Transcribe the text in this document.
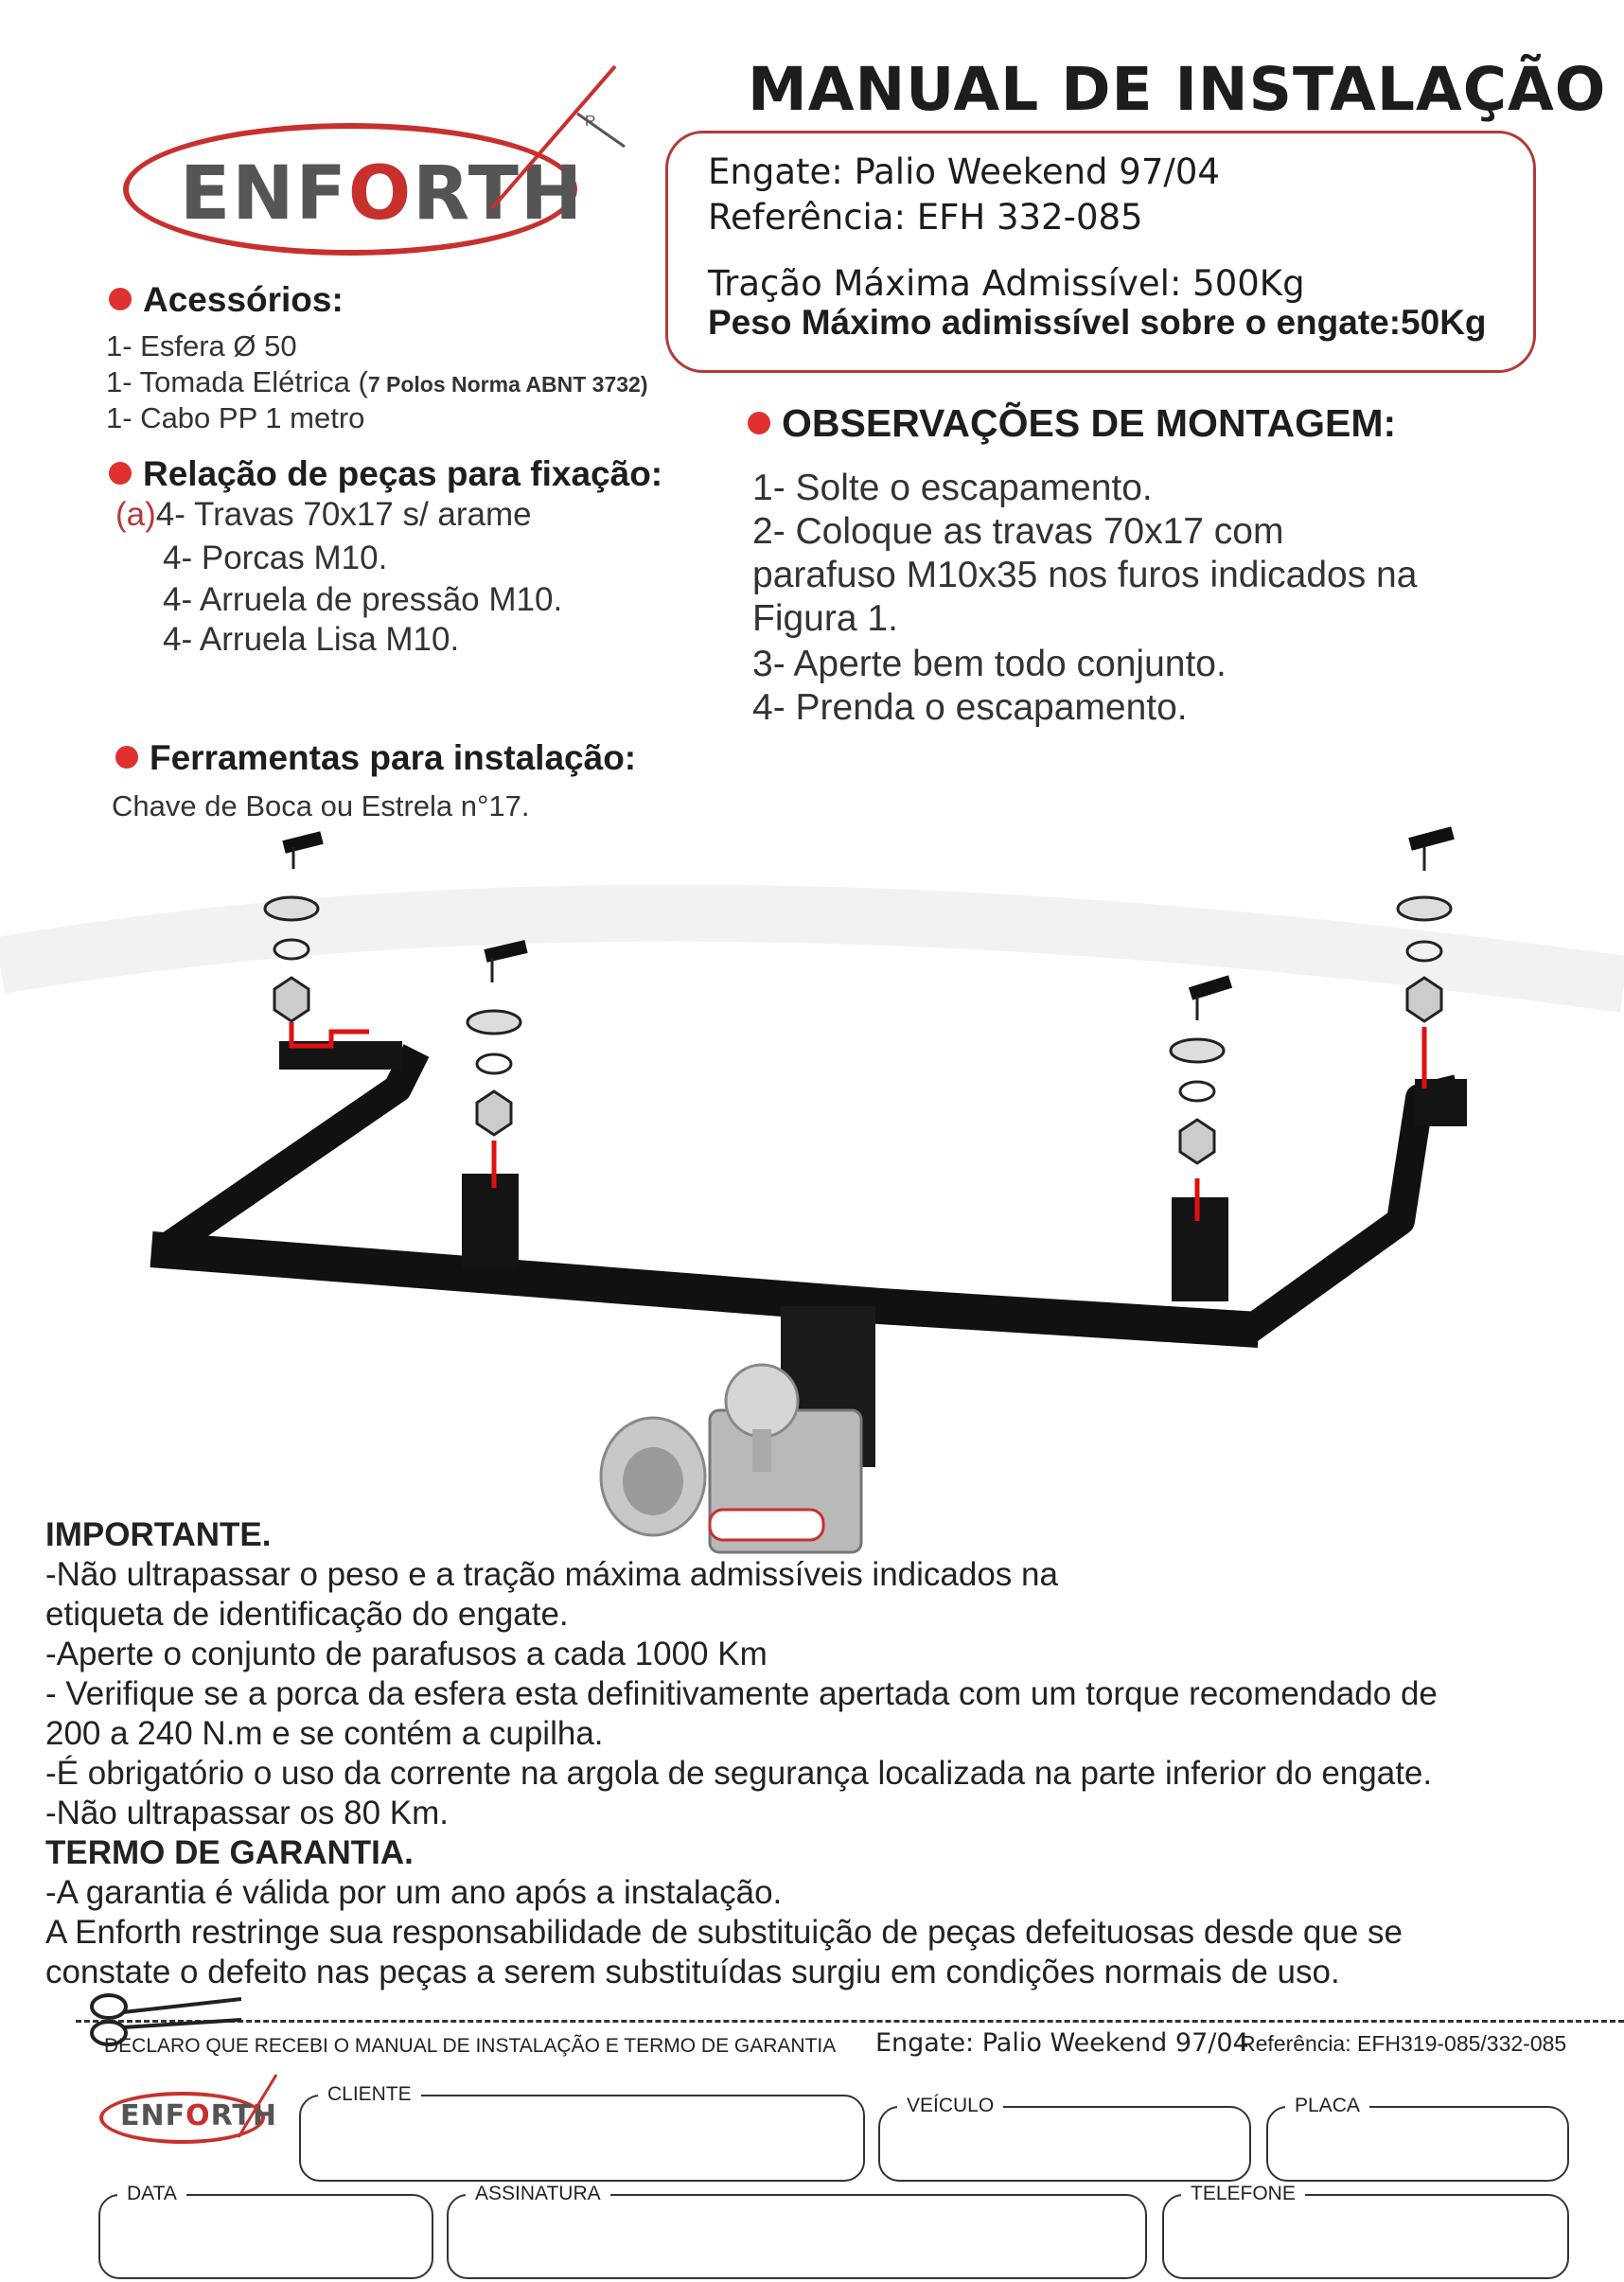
ENFORTH
R	MANUAL DE INSTALAÇÃO
Engate: Palio Weekend 97/04
Referência: EFH 332-085
Tração Máxima Admissível: 500Kg
Peso Máximo adimissível sobre o engate:50Kg
Acessórios:
1- Esfera Ø 50
1- Tomada Elétrica (7 Polos Norma ABNT 3732)
1- Cabo PP 1 metro
Relação de peças para fixação:
(a)4- Travas 70x17 s/ arame
4- Porcas M10.
4- Arruela de pressão M10.
4- Arruela Lisa M10.
Ferramentas para instalação:
Chave de Boca ou Estrela n°17.
OBSERVAÇÕES DE MONTAGEM:
1- Solte o escapamento.
2- Coloque as travas 70x17 com
parafuso M10x35 nos furos indicados na
Figura 1.
3- Aperte bem todo conjunto.
4- Prenda o escapamento.
IMPORTANTE.
-Não ultrapassar o peso e a tração máxima admissíveis indicados na
etiqueta de identificação do engate.
-Aperte o conjunto de parafusos a cada 1000 Km
- Verifique se a porca da esfera esta definitivamente apertada com um torque recomendado de
200 a 240 N.m e se contém a cupilha.
-É obrigatório o uso da corrente na argola de segurança localizada na parte inferior do engate.
-Não ultrapassar os 80 Km.
TERMO DE GARANTIA.
-A garantia é válida por um ano após a instalação.
A Enforth restringe sua responsabilidade de substituição de peças defeituosas desde que se
constate o defeito nas peças a serem substituídas surgiu em condições normais de uso.
DECLARO QUE RECEBI O MANUAL DE INSTALAÇÃO E TERMO DE GARANTIA Engate: Palio Weekend 97/04
Referência: EFH319-085/332-085
ENFORTH
CLIENTE
VEÍCULO	PLACA
DATA	ASSINATURA	TELEFONE
